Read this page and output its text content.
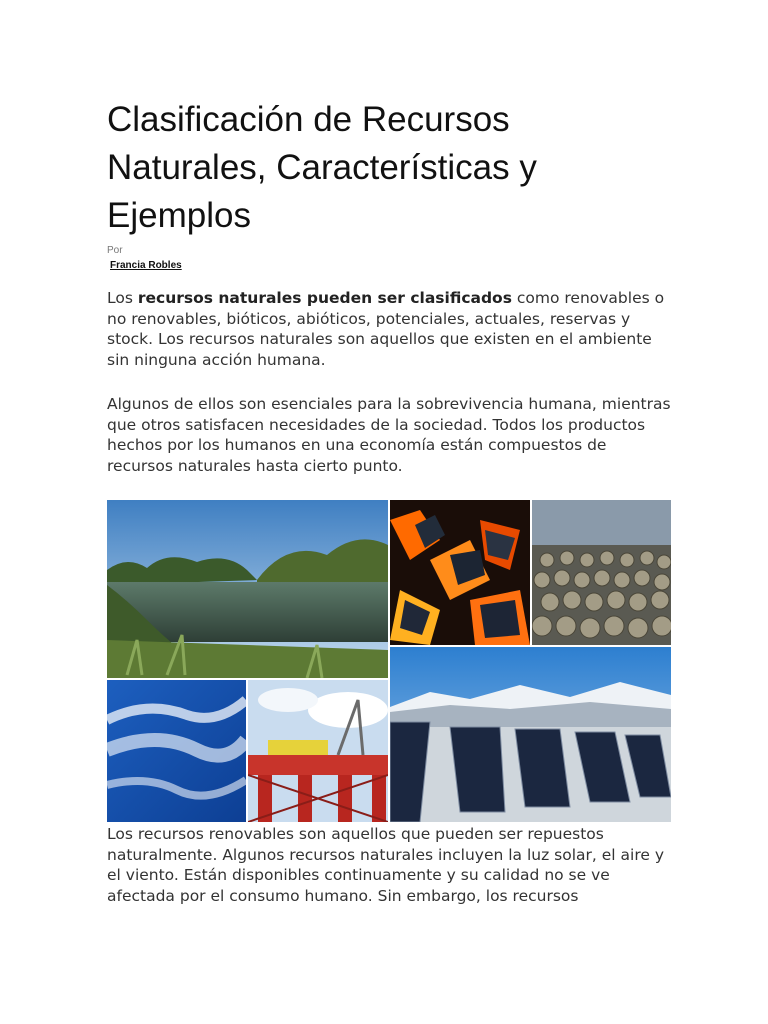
Clasificación de Recursos Naturales, Características y Ejemplos
Por
Francia Robles

Los recursos naturales pueden ser clasificados como renovables o no renovables, bióticos, abióticos, potenciales, actuales, reservas y stock. Los recursos naturales son aquellos que existen en el ambiente sin ninguna acción humana.

Algunos de ellos son esenciales para la sobrevivencia humana, mientras que otros satisfacen necesidades de la sociedad. Todos los productos hechos por los humanos en una economía están compuestos de recursos naturales hasta cierto punto.

Los recursos renovables son aquellos que pueden ser repuestos naturalmente. Algunos recursos naturales incluyen la luz solar, el aire y el viento. Están disponibles continuamente y su calidad no se ve afectada por el consumo humano. Sin embargo, los recursos
